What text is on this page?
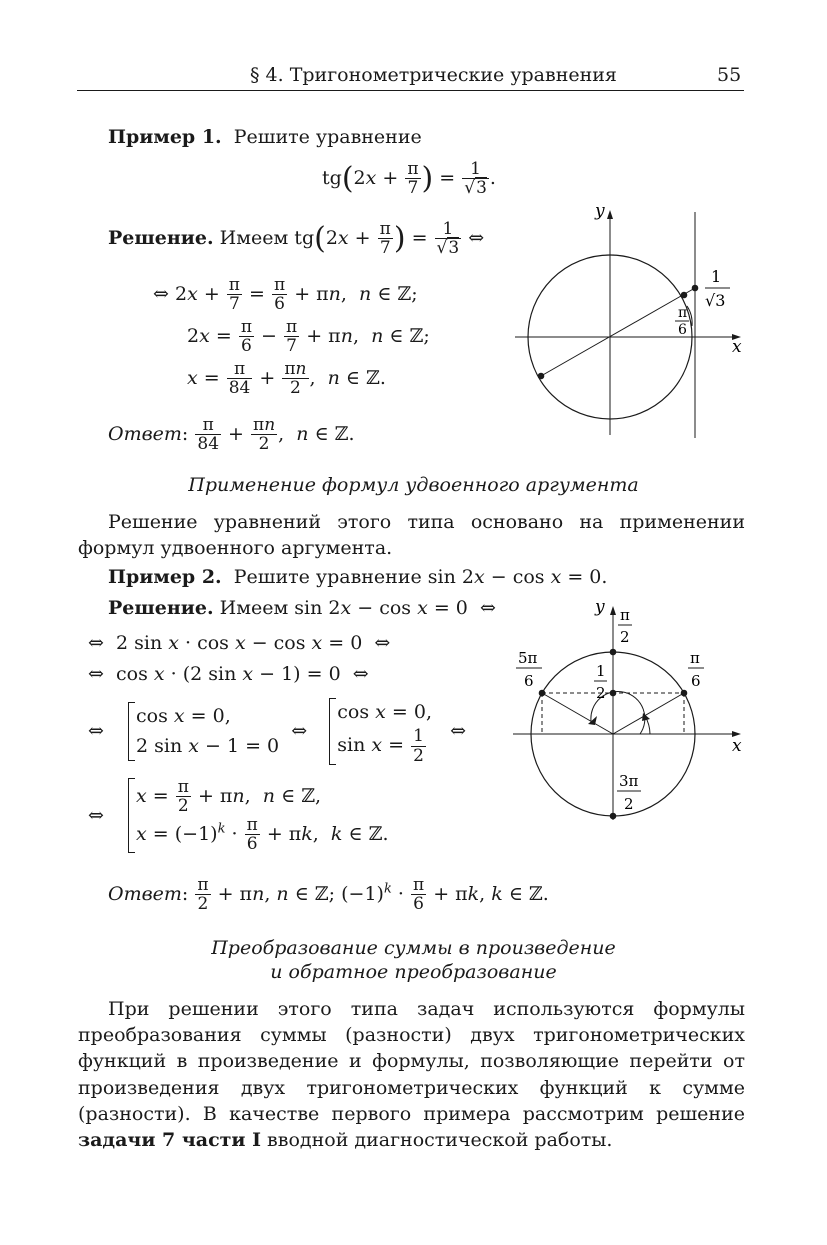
§ 4. Тригонометрические уравнения	55
Пример 1. Решите уравнение
$tg(2x + \frac{\pi}{7}$ ) = $\frac{1}{√3}$ .
Решение. Имеем $tg(2x + \frac{\pi}{7}$ ) = $\frac{1}{√3}$ ⇔
⇔ $2x + \frac{\pi}{7} = \frac{\pi}{6} + \pi n$,  n ∈ ℤ;
$2x = \frac{\pi}{6} - \frac{\pi}{7} + \pi n$,  n ∈ ℤ;
$x = \frac{\pi}{84} + \frac{\pi n}{2}$ ,  n ∈ ℤ.
Ответ: $\frac{\pi}{84} + \frac{\pi n}{2}$ ,  n ∈ ℤ.
x
y
1
√3
π
6
Применение формул удвоенного аргумента
Решение уравнений этого типа основано на применении формул удвоенного аргумента.
Пример 2. Решите уравнение sin 2x − cos x = 0.
Решение. Имеем sin 2x − cos x = 0  ⇔
⇔  2 sin x · cos x − cos x = 0  ⇔
⇔  cos x · (2 sin x − 1) = 0  ⇔
⇔
cos x = 0,
2 sin x − 1 = 0
⇔
cos x = 0,
$\sin x = \frac{1}{2}$ ⇔
⇔
$x = \frac{\pi}{2} + \pi n$,  n ∈ ℤ,
$x = (-1)^k \cdot \frac{\pi}{6} + \pi k$,  k ∈ ℤ.
Ответ: $\frac{\pi}{2} + \pi n$, n ∈ ℤ; $(-1)^k \cdot \frac{\pi}{6} + \pi k$, k ∈ ℤ.
x
y π
2
5π
6
π
6
1
2
3π
2
Преобразование суммы в произведение
и обратное преобразование
При решении этого типа задач используются формулы преобразования суммы (разности) двух тригонометрических функций в произведение и формулы, позволяющие перейти от произведения двух тригонометрических функций к сумме (разности). В качестве первого примера рассмотрим решение задачи 7 части I вводной диагностической работы.
